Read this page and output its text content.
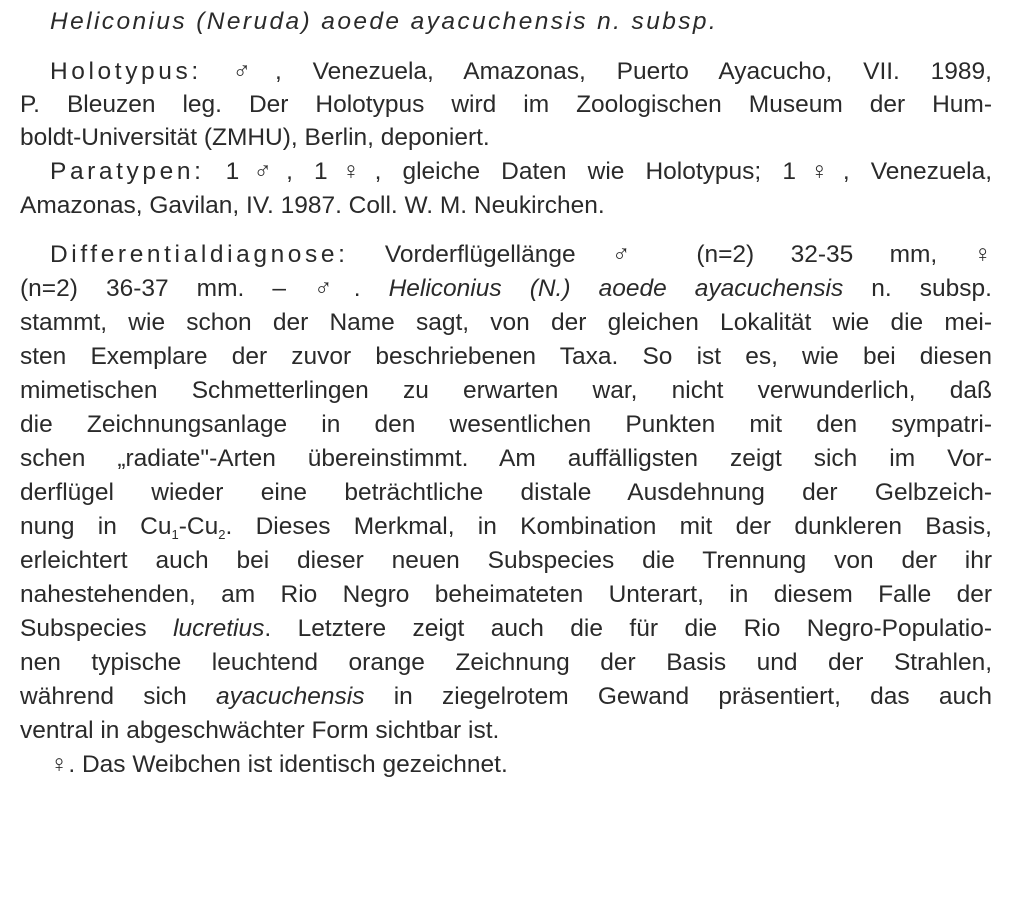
Heliconius (Neruda) aoede ayacuchensis n. subsp.
Holotypus: ♂, Venezuela, Amazonas, Puerto Ayacucho, VII. 1989,
P. Bleuzen leg. Der Holotypus wird im Zoologischen Museum der Hum-
boldt-Universität (ZMHU), Berlin, deponiert.
Paratypen: 1♂, 1♀, gleiche Daten wie Holotypus; 1♀, Venezuela,
Amazonas, Gavilan, IV. 1987. Coll. W. M. Neukirchen.
Differentialdiagnose: Vorderflügellänge ♂ (n=2) 32-35 mm, ♀
(n=2) 36-37 mm. – ♂. Heliconius (N.) aoede ayacuchensis n. subsp.
stammt, wie schon der Name sagt, von der gleichen Lokalität wie die mei-
sten Exemplare der zuvor beschriebenen Taxa. So ist es, wie bei diesen
mimetischen Schmetterlingen zu erwarten war, nicht verwunderlich, daß
die Zeichnungsanlage in den wesentlichen Punkten mit den sympatri-
schen „radiate"-Arten übereinstimmt. Am auffälligsten zeigt sich im Vor-
derflügel wieder eine beträchtliche distale Ausdehnung der Gelbzeich-
nung in $Cu_1-Cu_2$. Dieses Merkmal, in Kombination mit der dunkleren Basis,
erleichtert auch bei dieser neuen Subspecies die Trennung von der ihr
nahestehenden, am Rio Negro beheimateten Unterart, in diesem Falle der
Subspecies lucretius. Letztere zeigt auch die für die Rio Negro-Populatio-
nen typische leuchtend orange Zeichnung der Basis und der Strahlen,
während sich ayacuchensis in ziegelrotem Gewand präsentiert, das auch
ventral in abgeschwächter Form sichtbar ist.
♀. Das Weibchen ist identisch gezeichnet.
